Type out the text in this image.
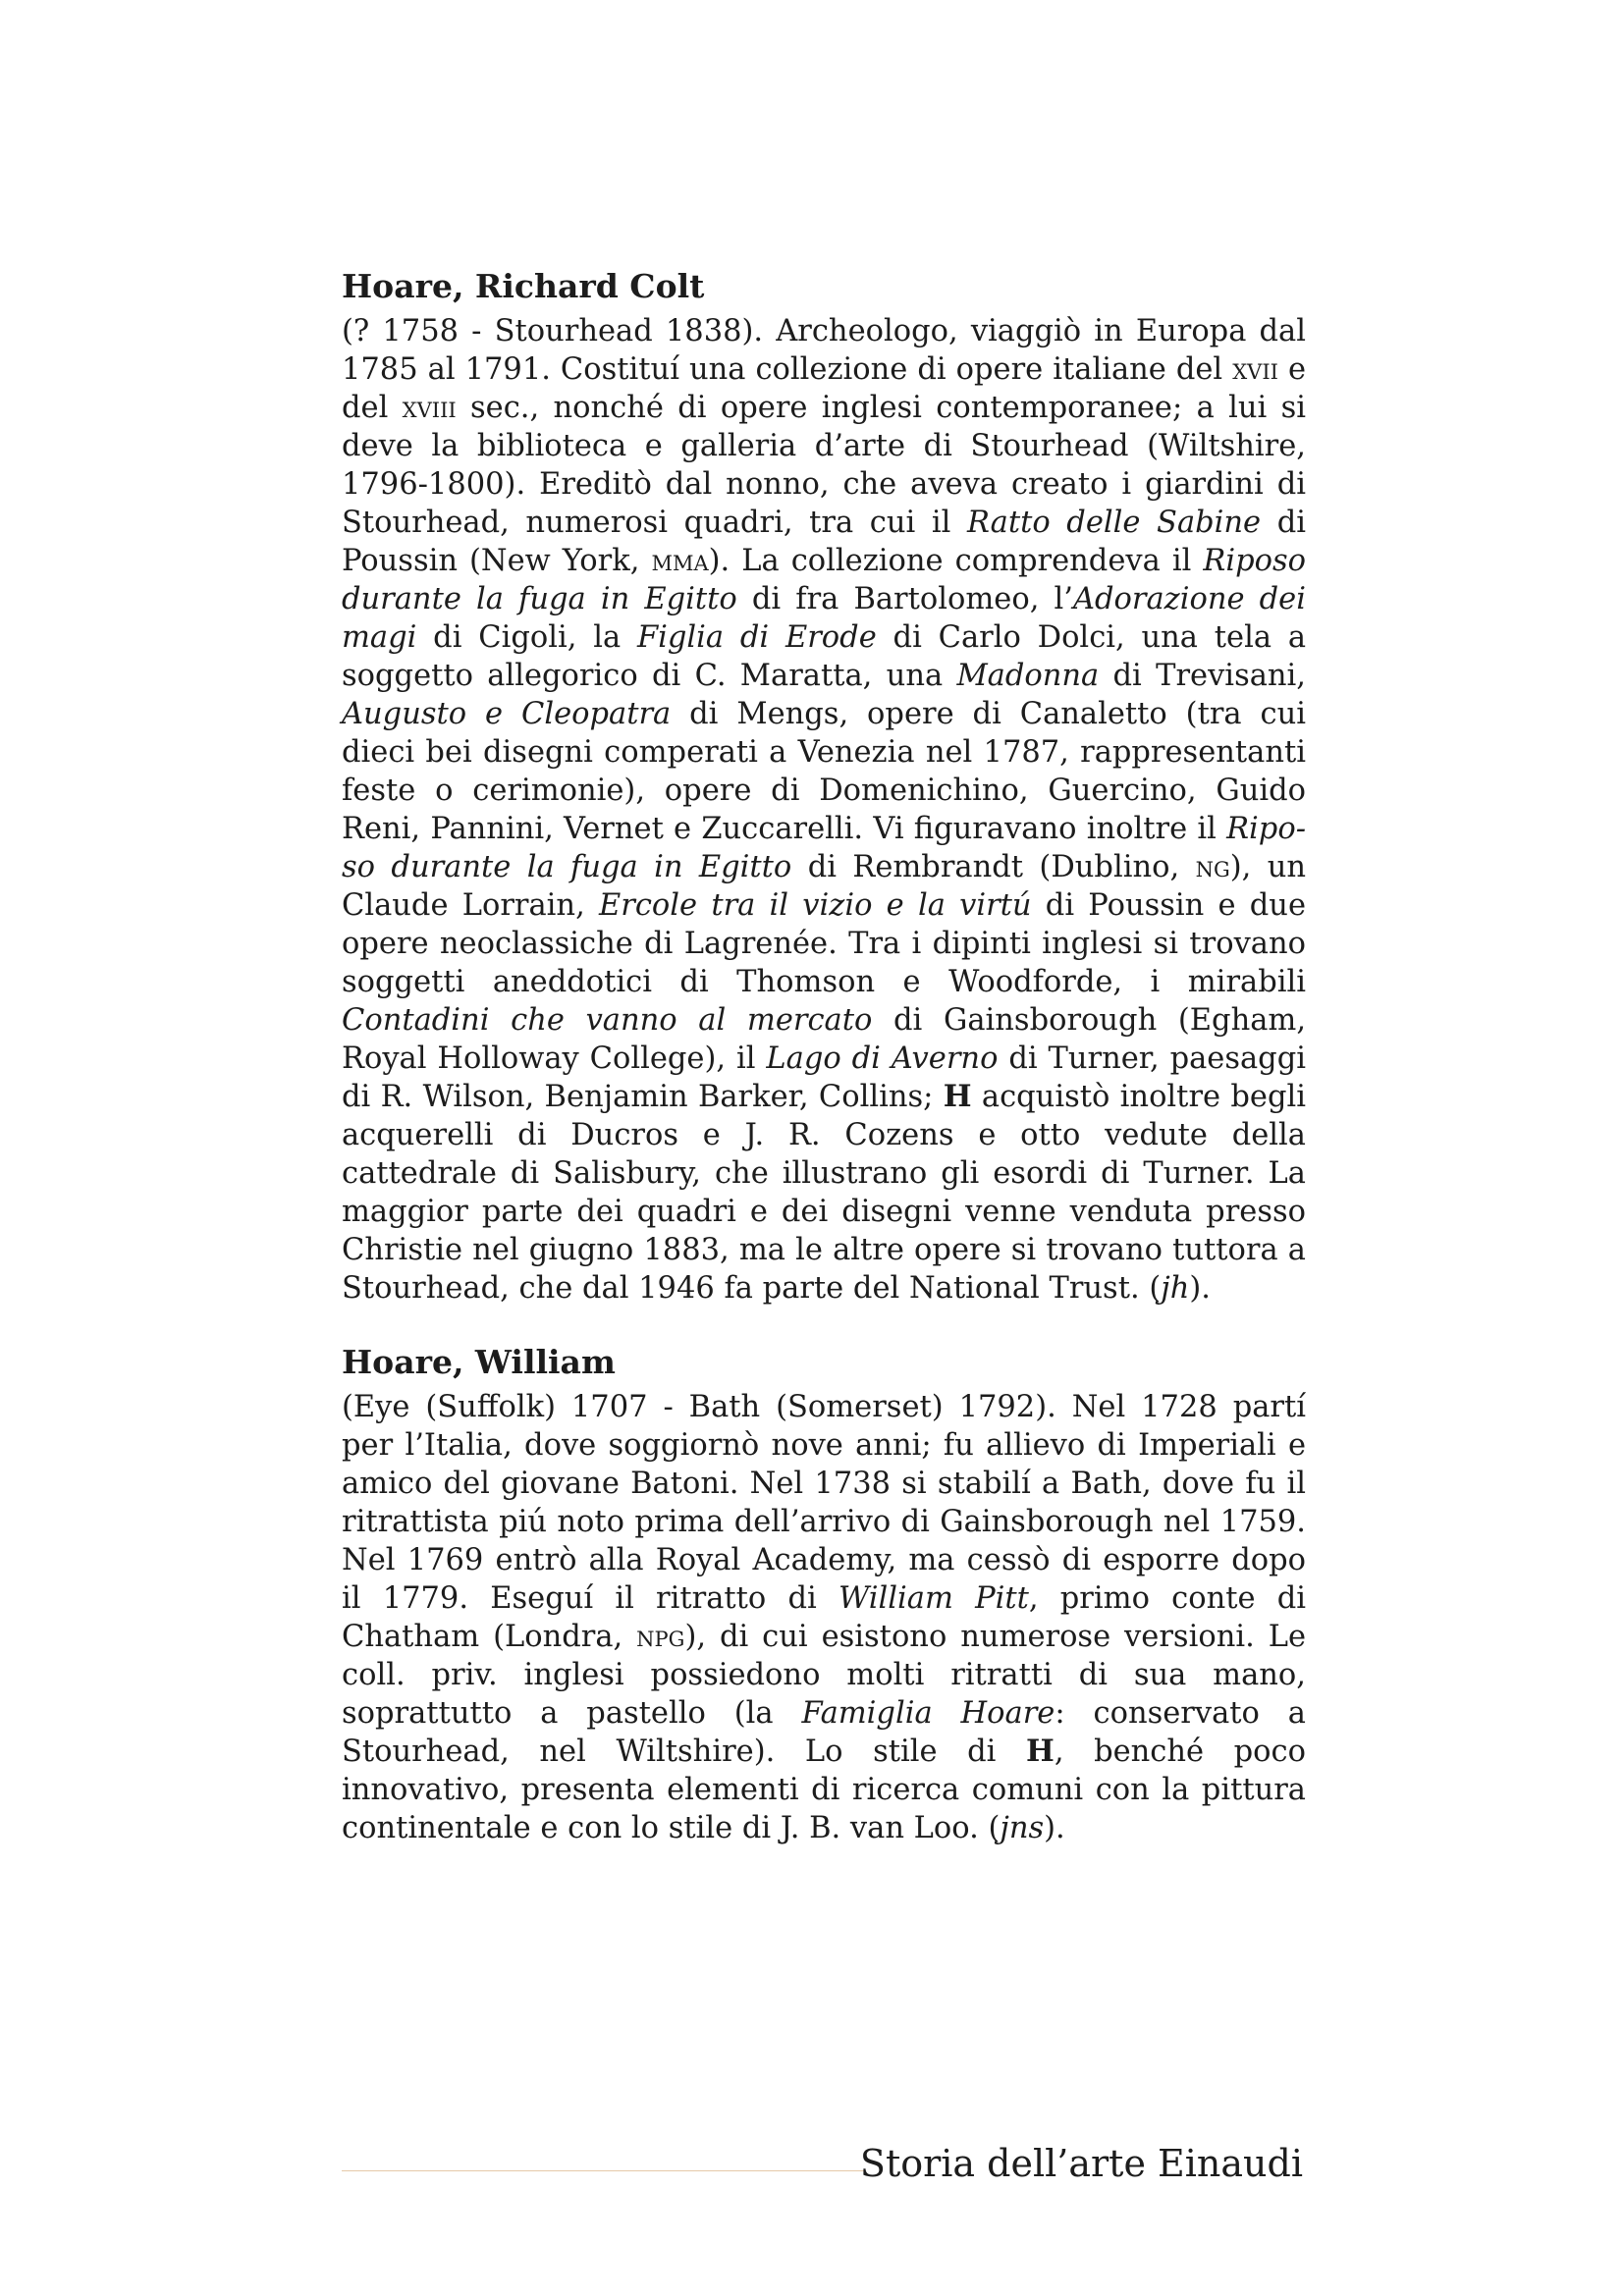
Hoare, Richard Colt

(? 1758 - Stourhead 1838). Archeologo, viaggiò in Europa dal 1785 al 1791. Costituí una collezione di opere italiane del xvii e del xviii sec., nonché di opere inglesi contemporanee; a lui si deve la biblioteca e galleria d’arte di Stourhead (Wiltshire, 1796-1800). Ereditò dal nonno, che aveva creato i giardini di Stourhead, numerosi quadri, tra cui il Ratto delle Sabine di Poussin (New York, mma). La collezione comprendeva il Riposo durante la fuga in Egitto di fra Bartolomeo, l’Adorazione dei magi di Cigoli, la Figlia di Erode di Carlo Dolci, una tela a soggetto allegorico di C. Maratta, una Madonna di Trevisani, Augusto e Cleopatra di Mengs, opere di Canaletto (tra cui dieci bei disegni comperati a Venezia nel 1787, rappresentanti feste o cerimonie), opere di Domenichino, Guercino, Guido Reni, Pannini, Vernet e Zuccarelli. Vi figuravano inoltre il Riposo durante la fuga in Egitto di Rembrandt (Dublino, ng), un Claude Lorrain, Ercole tra il vizio e la virtú di Poussin e due opere neoclassiche di Lagrenée. Tra i dipinti inglesi si trovano soggetti aneddotici di Thomson e Woodforde, i mirabili Contadini che vanno al mercato di Gainsborough (Egham, Royal Holloway College), il Lago di Averno di Turner, paesaggi di R. Wilson, Benjamin Barker, Collins; H acquistò inoltre begli acquerelli di Ducros e J. R. Cozens e otto vedute della cattedrale di Salisbury, che illustrano gli esordi di Turner. La maggior parte dei quadri e dei disegni venne venduta presso Christie nel giugno 1883, ma le altre opere si trovano tuttora a Stourhead, che dal 1946 fa parte del National Trust. (jh).

Hoare, William

(Eye (Suffolk) 1707 - Bath (Somerset) 1792). Nel 1728 partí per l’Italia, dove soggiornò nove anni; fu allievo di Imperiali e amico del giovane Batoni. Nel 1738 si stabilí a Bath, dove fu il ritrattista piú noto prima dell’arrivo di Gainsborough nel 1759. Nel 1769 entrò alla Royal Academy, ma cessò di esporre dopo il 1779. Eseguí il ritratto di William Pitt, primo conte di Chatham (Londra, npg), di cui esistono numerose versioni. Le coll. priv. inglesi possiedono molti ritratti di sua mano, soprattutto a pastello (la Famiglia Hoare: conservato a Stourhead, nel Wiltshire). Lo stile di H, benché poco innovativo, presenta elementi di ricerca comuni con la pittura continentale e con lo stile di J. B. van Loo. (jns).

Storia dell’arte Einaudi
